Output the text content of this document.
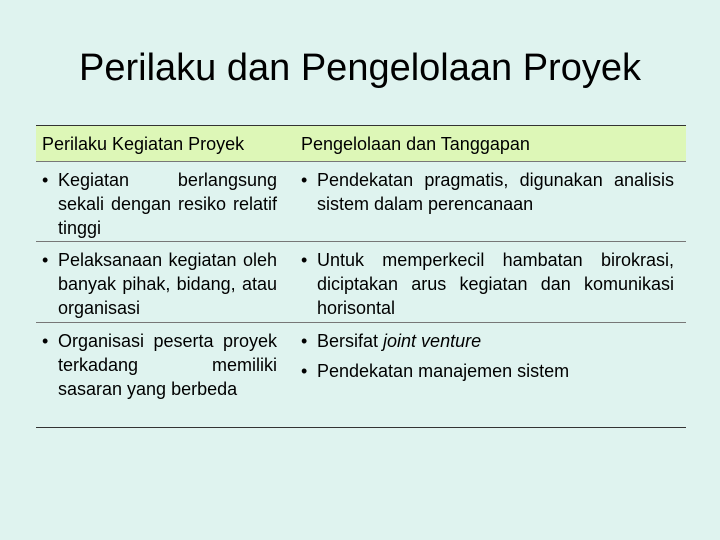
Perilaku dan Pengelolaan Proyek
Perilaku Kegiatan Proyek	Pengelolaan dan Tanggapan
• Kegiatan berlangsung sekali dengan resiko relatif tinggi
• Pendekatan pragmatis, digunakan analisis sistem dalam perencanaan
• Pelaksanaan kegiatan oleh banyak pihak, bidang, atau organisasi
• Untuk memperkecil hambatan birokrasi, diciptakan arus kegiatan dan komunikasi horisontal
• Organisasi peserta proyek terkadang memiliki sasaran yang berbeda
• Bersifat joint venture
• Pendekatan manajemen sistem
